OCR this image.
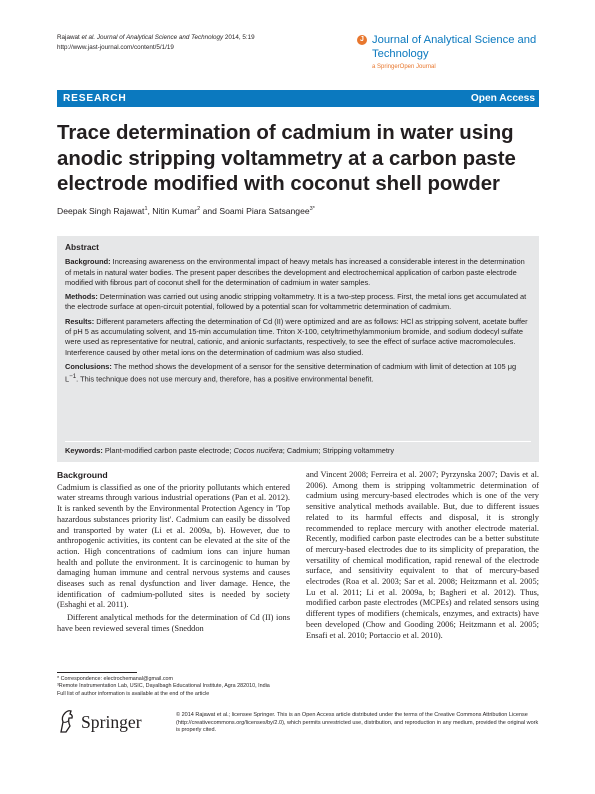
Rajawat et al. Journal of Analytical Science and Technology 2014, 5:19
http://www.jast-journal.com/content/5/1/19
J Journal of Analytical Science and Technology
a SpringerOpen Journal
RESEARCH	Open Access
Trace determination of cadmium in water using anodic stripping voltammetry at a carbon paste electrode modified with coconut shell powder
Deepak Singh Rajawat$^1$, Nitin Kumar$^2$ and Soami Piara Satsangee$^{3*}$
Abstract

Background: Increasing awareness on the environmental impact of heavy metals has increased a considerable interest in the determination of metals in natural water bodies. The present paper describes the development and electrochemical application of carbon paste electrode modified with fibrous part of coconut shell for the determination of cadmium in water samples.

Methods: Determination was carried out using anodic stripping voltammetry. It is a two-step process. First, the metal ions get accumulated at the electrode surface at open-circuit potential, followed by a potential scan for voltammetric determination of cadmium.

Results: Different parameters affecting the determination of Cd (II) were optimized and are as follows: HCl as stripping solvent, acetate buffer of pH 5 as accumulating solvent, and 15-min accumulation time. Triton X-100, cetyltrimethylammonium bromide, and sodium dodecyl sulfate were used as representative for neutral, cationic, and anionic surfactants, respectively, to see the effect of surface active macromolecules. Interference caused by other metal ions on the determination of cadmium was also studied.

Conclusions: The method shows the development of a sensor for the sensitive determination of cadmium with limit of detection at 105 μg $L^{-1}$. This technique does not use mercury and, therefore, has a positive environmental benefit.

Keywords: Plant-modified carbon paste electrode; Cocos nucifera; Cadmium; Stripping voltammetry
Background

Cadmium is classified as one of the priority pollutants which entered water streams through various industrial operations (Pan et al. 2012). It is ranked seventh by the Environmental Protection Agency in 'Top hazardous substances priority list'. Cadmium can easily be dissolved and transported by water (Li et al. 2009a, b). However, due to anthropogenic activities, its content can be elevated at the site of the action. High concentrations of cadmium ions can injure human health and pollute the environment. It is carcinogenic to human by damaging human immune and central nervous systems and causes diseases such as renal dysfunction and liver damage. Hence, the identification of cadmium-polluted sites is needed by society (Eshaghi et al. 2011).

Different analytical methods for the determination of Cd (II) ions have been reviewed several times (Sneddon

and Vincent 2008; Ferreira et al. 2007; Pyrzynska 2007; Davis et al. 2006). Among them is stripping voltammetric determination of cadmium using mercury-based electrodes which is one of the very sensitive analytical methods available. But, due to different issues related to its harmful effects and disposal, it is strongly recommended to replace mercury with another electrode material. Recently, modified carbon paste electrodes can be a better substitute of mercury-based electrodes due to its simplicity of preparation, the versatility of chemical modification, rapid renewal of the electrode surface, and sensitivity equivalent to that of mercury-based electrodes (Roa et al. 2003; Sar et al. 2008; Heitzmann et al. 2005; Lu et al. 2011; Li et al. 2009a, b; Bagheri et al. 2012). Thus, modified carbon paste electrodes (MCPEs) and related sensors using different types of modifiers (chemicals, enzymes, and extracts) have been developed (Chow and Gooding 2006; Heitzmann et al. 2005; Ensafi et al. 2010; Portaccio et al. 2010).

* Correspondence: electrochemanal@gmail.com
³Remote Instrumentation Lab, USIC, Dayalbagh Educational Institute, Agra 282010, India
Full list of author information is available at the end of the article
Springer	© 2014 Rajawat et al.; licensee Springer. This is an Open Access article distributed under the terms of the Creative Commons Attribution License (http://creativecommons.org/licenses/by/2.0), which permits unrestricted use, distribution, and reproduction in any medium, provided the original work is properly cited.
